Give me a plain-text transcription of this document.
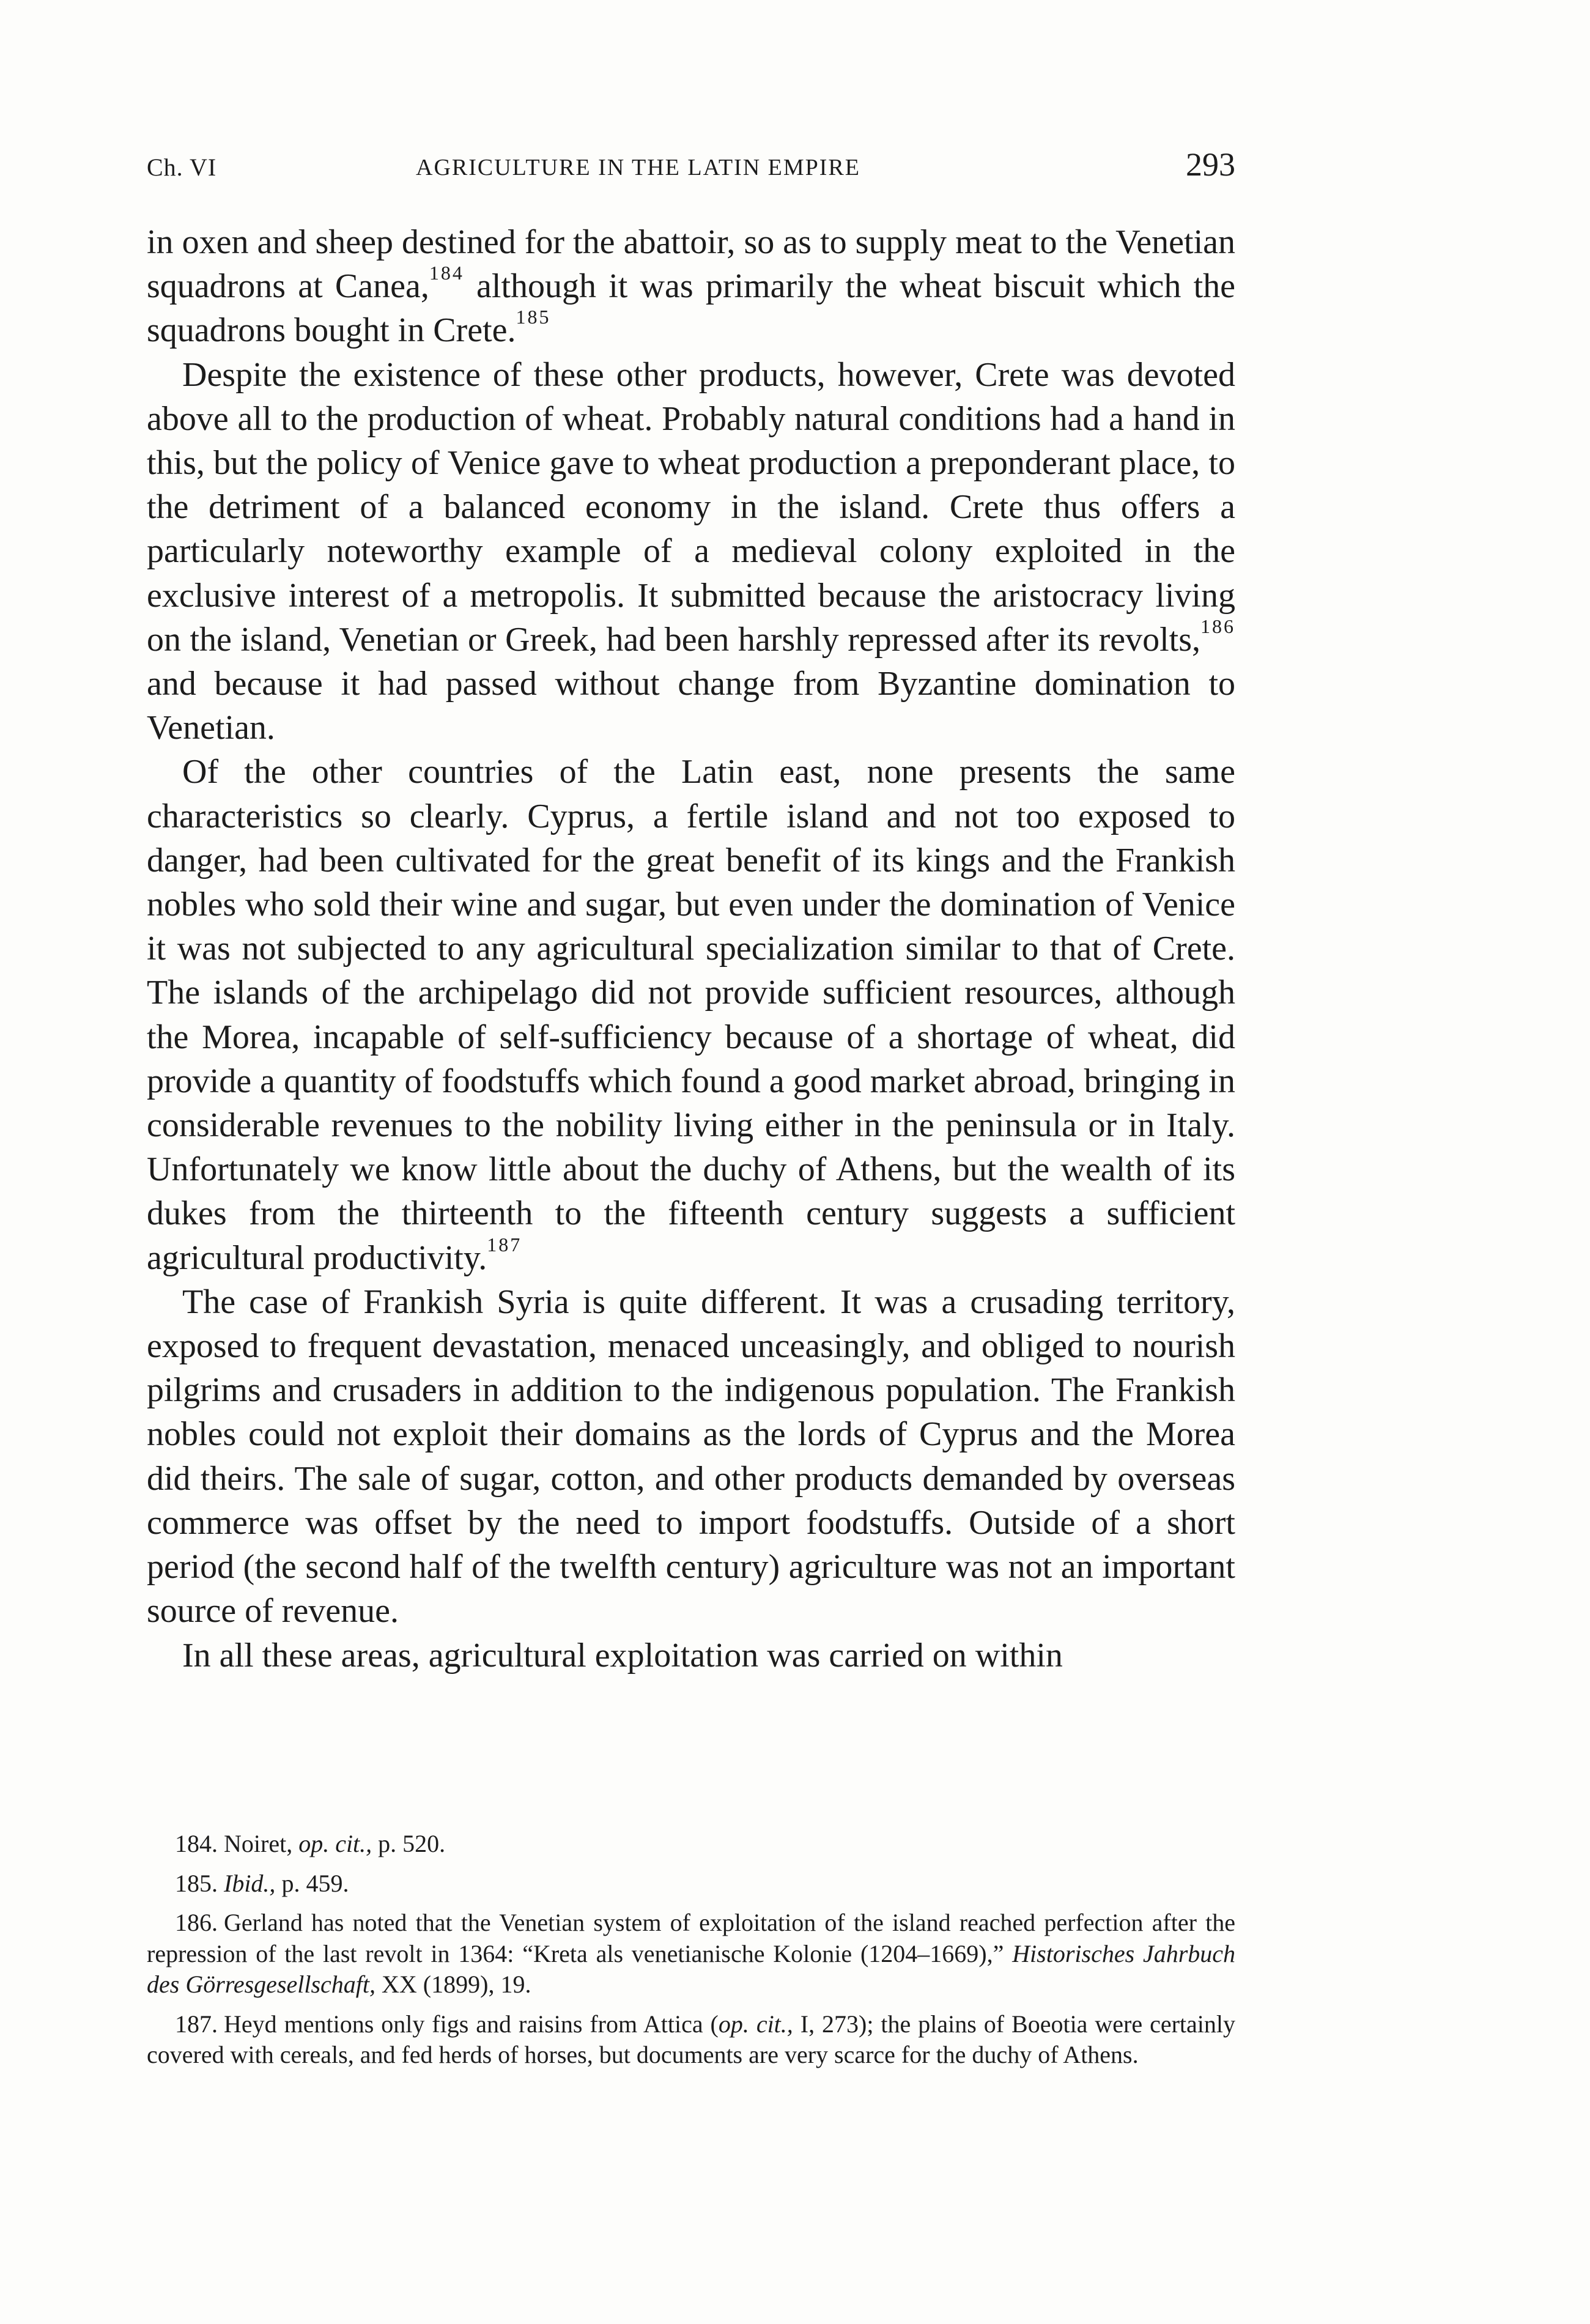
Ch. VI	AGRICULTURE IN THE LATIN EMPIRE	293

in oxen and sheep destined for the abattoir, so as to supply meat to the Venetian squadrons at Canea,$^{184}$ although it was primarily the wheat biscuit which the squadrons bought in Crete.$^{185}$

Despite the existence of these other products, however, Crete was devoted above all to the production of wheat. Probably natural conditions had a hand in this, but the policy of Venice gave to wheat production a preponderant place, to the detriment of a balanced economy in the island. Crete thus offers a particularly noteworthy example of a medieval colony exploited in the exclusive interest of a metropolis. It submitted because the aristocracy living on the island, Venetian or Greek, had been harshly repressed after its revolts,$^{186}$ and because it had passed without change from Byzantine domination to Venetian.

Of the other countries of the Latin east, none presents the same characteristics so clearly. Cyprus, a fertile island and not too exposed to danger, had been cultivated for the great benefit of its kings and the Frankish nobles who sold their wine and sugar, but even under the domination of Venice it was not subjected to any agricultural specialization similar to that of Crete. The islands of the archipelago did not provide sufficient resources, although the Morea, incapable of self-sufficiency because of a shortage of wheat, did provide a quantity of foodstuffs which found a good market abroad, bringing in considerable revenues to the nobility living either in the peninsula or in Italy. Unfortunately we know little about the duchy of Athens, but the wealth of its dukes from the thirteenth to the fifteenth century suggests a sufficient agricultural productivity.$^{187}$

The case of Frankish Syria is quite different. It was a crusading territory, exposed to frequent devastation, menaced unceasingly, and obliged to nourish pilgrims and crusaders in addition to the indigenous population. The Frankish nobles could not exploit their domains as the lords of Cyprus and the Morea did theirs. The sale of sugar, cotton, and other products demanded by overseas commerce was offset by the need to import foodstuffs. Outside of a short period (the second half of the twelfth century) agriculture was not an important source of revenue.

In all these areas, agricultural exploitation was carried on within

184. Noiret, op. cit., p. 520.

185. Ibid., p. 459.

186. Gerland has noted that the Venetian system of exploitation of the island reached perfection after the repression of the last revolt in 1364: “Kreta als venetianische Kolonie (1204–1669),” Historisches Jahrbuch des Görresgesellschaft, XX (1899), 19.

187. Heyd mentions only figs and raisins from Attica (op. cit., I, 273); the plains of Boeotia were certainly covered with cereals, and fed herds of horses, but documents are very scarce for the duchy of Athens.
